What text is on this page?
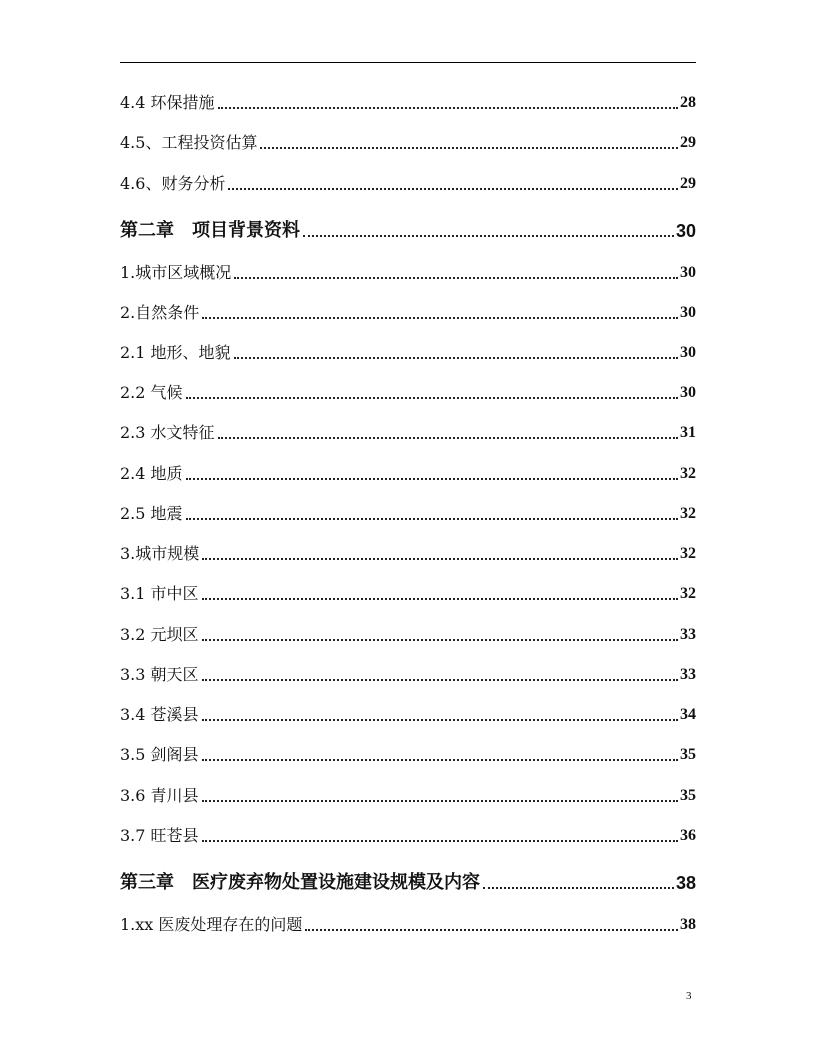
4.4 环保措施	28
4.5、工程投资估算	29
4.6、财务分析	29
第二章　项目背景资料	30
1.城市区域概况	30
2.自然条件	30
2.1 地形、地貌	30
2.2 气候	30
2.3 水文特征	31
2.4 地质	32
2.5 地震	32
3.城市规模	32
3.1 市中区	32
3.2 元坝区	33
3.3 朝天区	33
3.4 苍溪县	34
3.5 剑阁县	35
3.6 青川县	35
3.7 旺苍县	36
第三章　医疗废弃物处置设施建设规模及内容	38
1.xx 医废处理存在的问题	38
3
